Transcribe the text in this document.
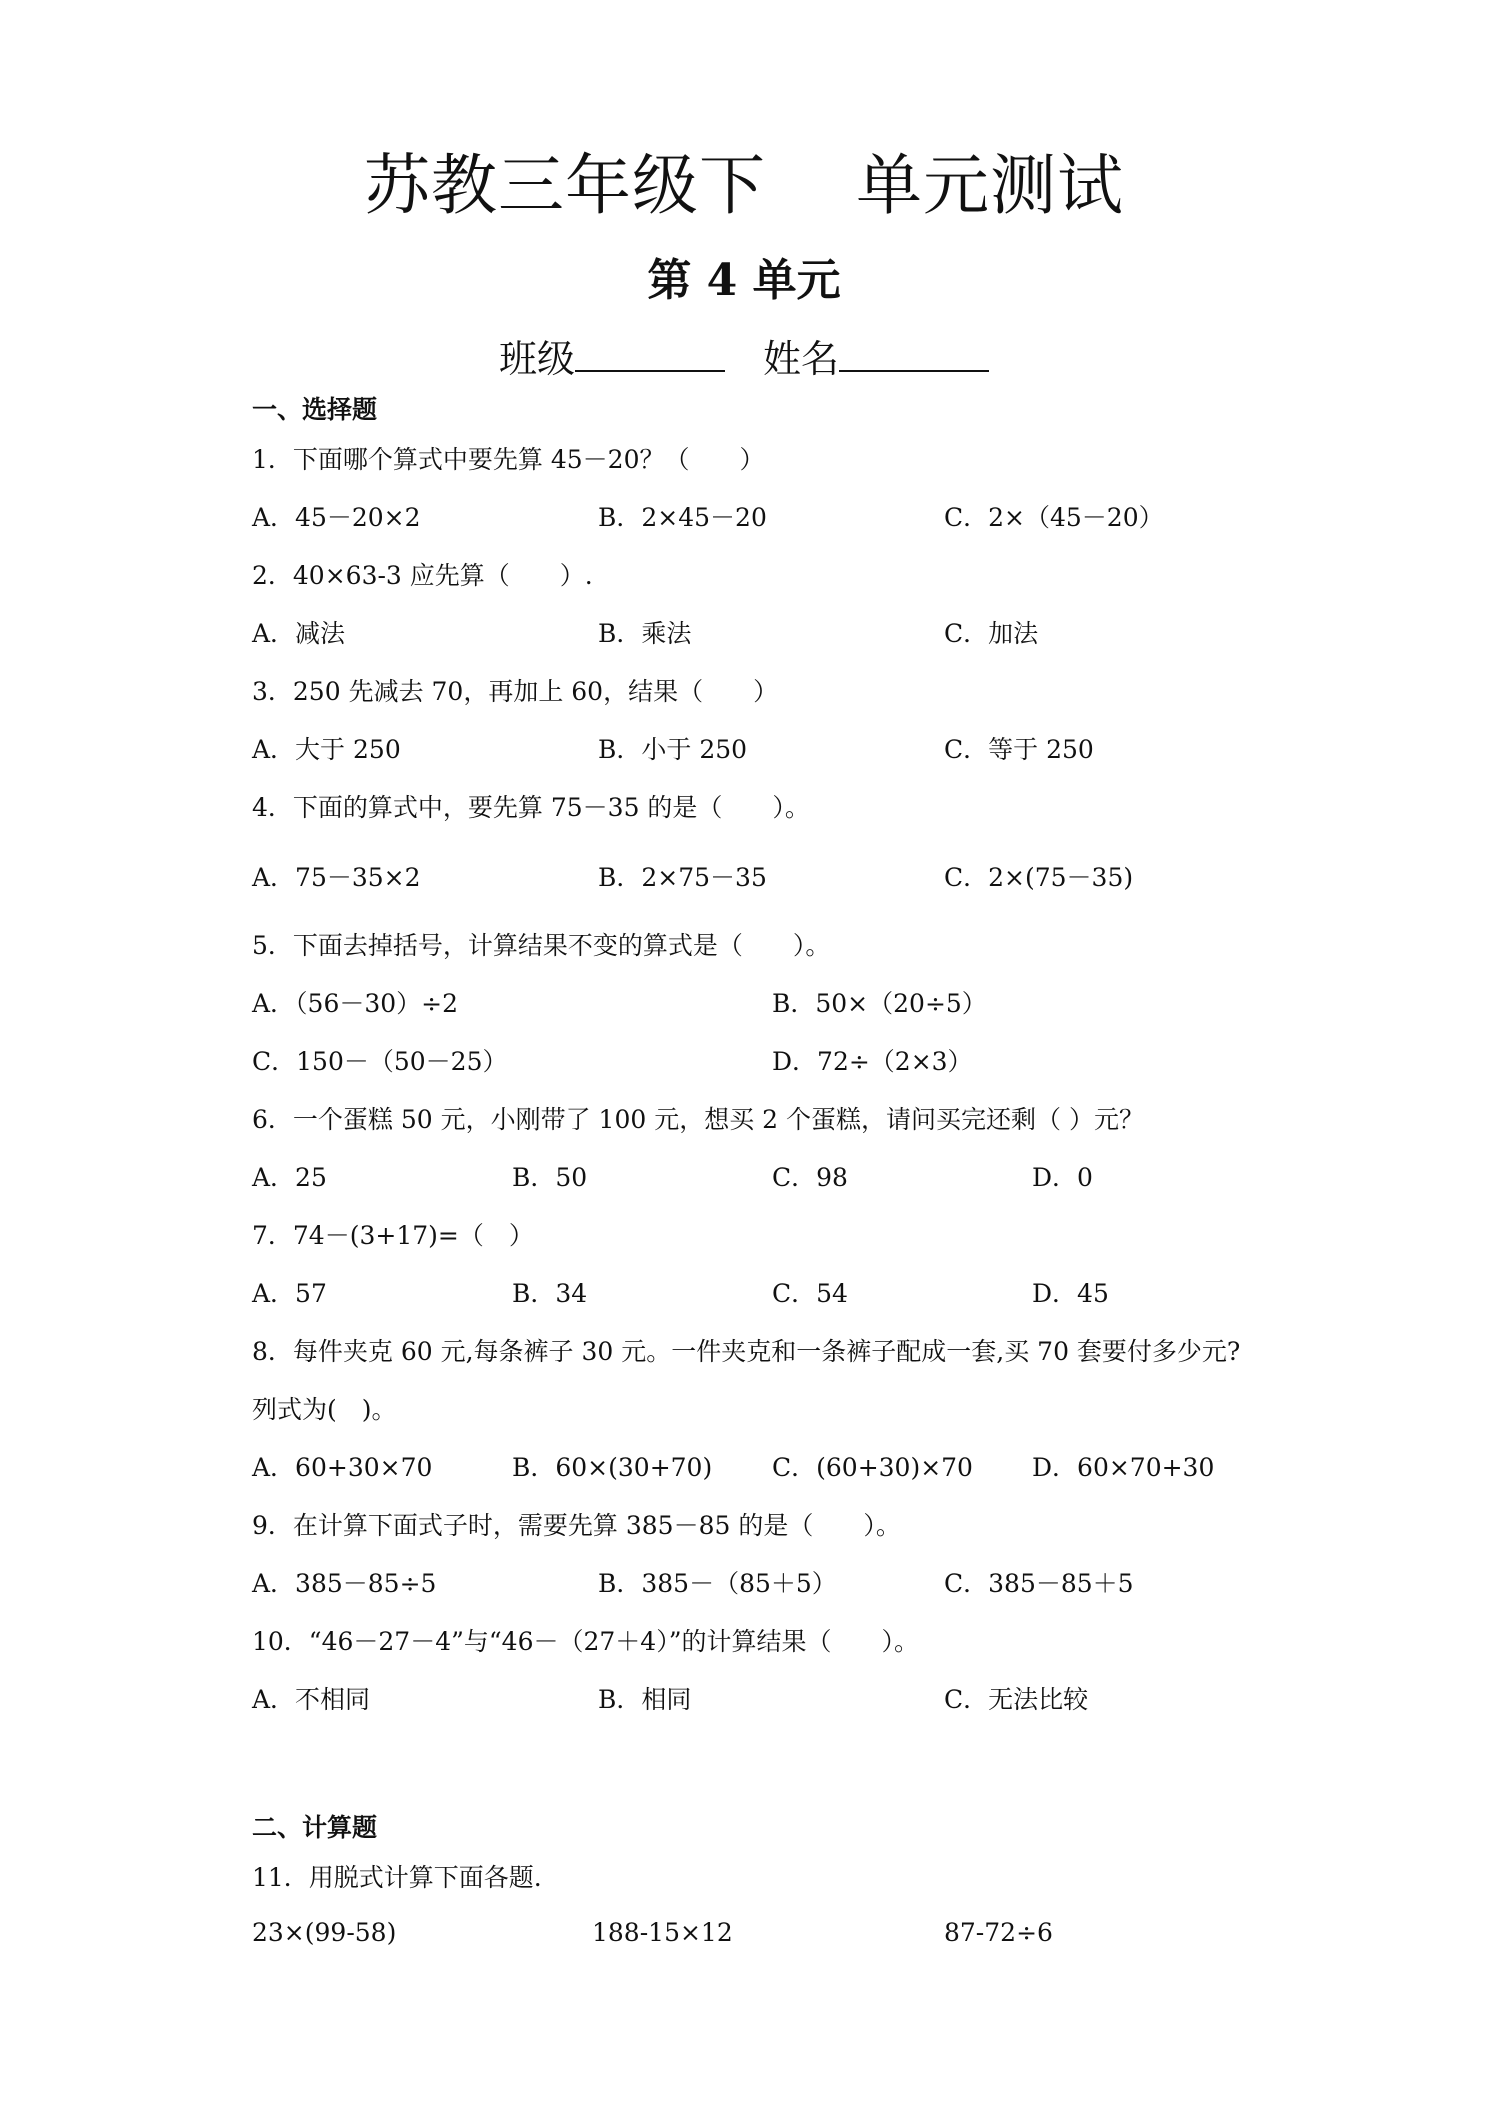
苏教三年级下 单元测试
第 4 单元
班级	姓名
一、选择题
1．下面哪个算式中要先算 45－20？（　　）
A．45－20×2	B．2×45－20	C．2×（45－20）
2．40×63-3 应先算（　　）.
A．减法	B．乘法	C．加法
3．250 先减去 70，再加上 60，结果（　　）
A．大于 250	B．小于 250	C．等于 250
4．下面的算式中，要先算 75－35 的是（　　）。
A．75－35×2	B．2×75－35	C．2×(75－35)
5．下面去掉括号，计算结果不变的算式是（　　）。
A．（56－30）÷2	B．50×（20÷5）
C．150－（50－25）	D．72÷（2×3）
6．一个蛋糕 50 元，小刚带了 100 元，想买 2 个蛋糕，请问买完还剩（ ）元？
A．25	B．50	C．98	D．0
7．74－(3+17)=（　）
A．57	B．34	C．54	D．45
8．每件夹克 60 元,每条裤子 30 元。一件夹克和一条裤子配成一套,买 70 套要付多少元?
列式为(　)。
A．60+30×70	B．60×(30+70) C．(60+30)×70 D．60×70+30
9．在计算下面式子时，需要先算 385－85 的是（　　）。
A．385－85÷5	B．385－（85＋5）	C．385－85＋5
10．“46－27－4”与“46－（27＋4）”的计算结果（　　）。
A．不相同	B．相同	C．无法比较
二、计算题
11．用脱式计算下面各题.
23×(99-58)	188-15×12	87-72÷6
